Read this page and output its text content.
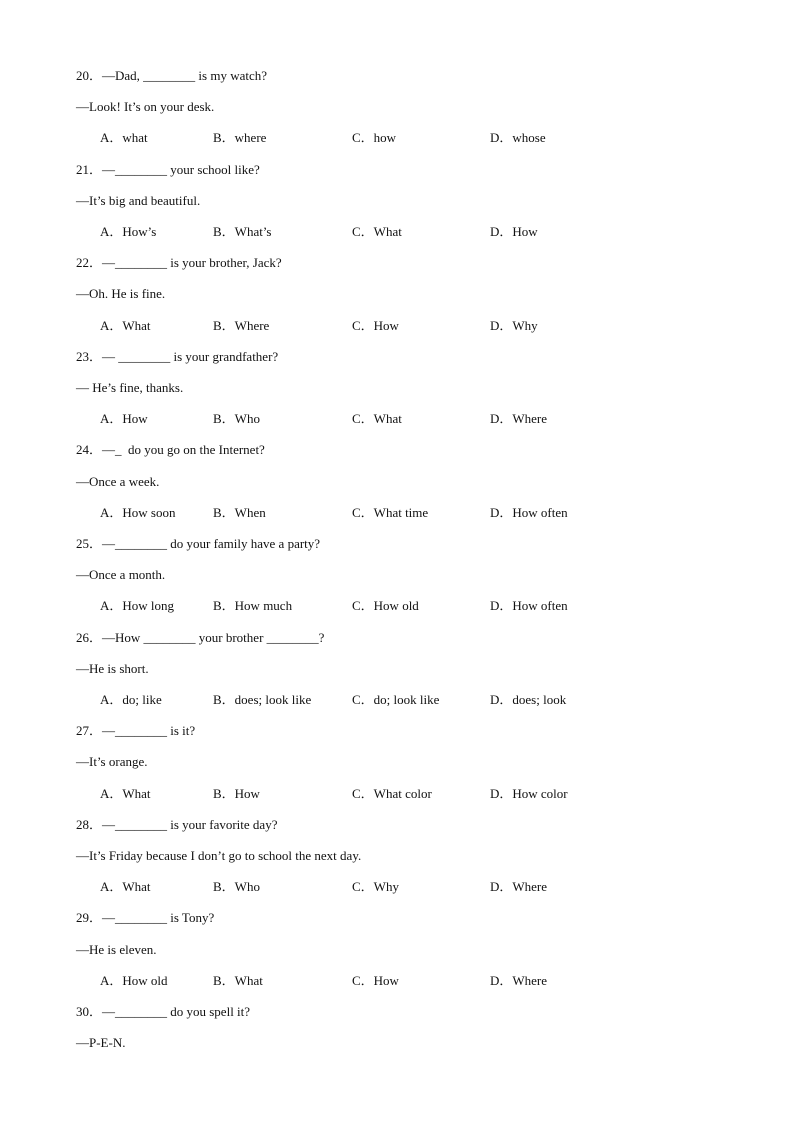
20．—Dad, ________ is my watch?
—Look! It’s on your desk.
A．what	B．where	C．how	D．whose
21．—________ your school like?
—It’s big and beautiful.
A．How’s	B．What’s	C．What	D．How
22．—________ is your brother, Jack?
—Oh. He is fine.
A．What	B．Where	C．How	D．Why
23．— ________ is your grandfather?
— He’s fine, thanks.
A．How	B．Who	C．What	D．Where
24．—_  do you go on the Internet?
—Once a week.
A．How soon	B．When	C．What time	D．How often
25．—________ do your family have a party?
—Once a month.
A．How long	B．How much	C．How old	D．How often
26．—How ________ your brother ________?
—He is short.
A．do; like	B．does; look like	C．do; look like	D．does; look
27．—________ is it?
—It’s orange.
A．What	B．How	C．What color	D．How color
28．—________ is your favorite day?
—It’s Friday because I don’t go to school the next day.
A．What	B．Who	C．Why	D．Where
29．—________ is Tony?
—He is eleven.
A．How old	B．What	C．How	D．Where
30．—________ do you spell it?
—P-E-N.
